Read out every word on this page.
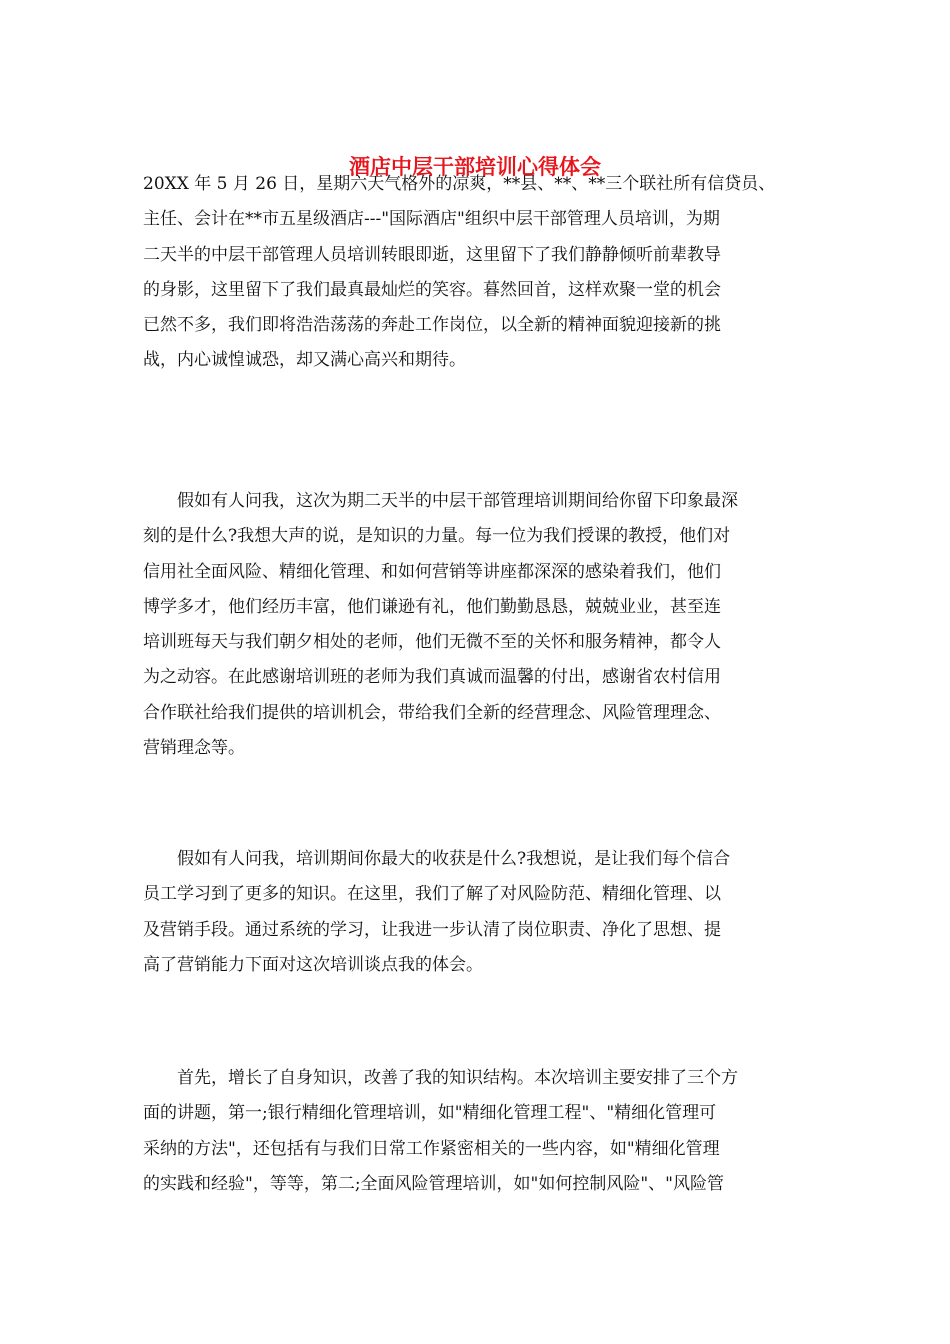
酒店中层干部培训心得体会
20XX 年 5 月 26 日，星期六天气格外的凉爽，**县、**、**三个联社所有信贷员、
主任、会计在**市五星级酒店---"国际酒店"组织中层干部管理人员培训，为期
二天半的中层干部管理人员培训转眼即逝，这里留下了我们静静倾听前辈教导
的身影，这里留下了我们最真最灿烂的笑容。暮然回首，这样欢聚一堂的机会
已然不多，我们即将浩浩荡荡的奔赴工作岗位，以全新的精神面貌迎接新的挑
战，内心诚惶诚恐，却又满心高兴和期待。
假如有人问我，这次为期二天半的中层干部管理培训期间给你留下印象最深
刻的是什么?我想大声的说，是知识的力量。每一位为我们授课的教授，他们对
信用社全面风险、精细化管理、和如何营销等讲座都深深的感染着我们，他们
博学多才，他们经历丰富，他们谦逊有礼，他们勤勤恳恳，兢兢业业，甚至连
培训班每天与我们朝夕相处的老师，他们无微不至的关怀和服务精神，都令人
为之动容。在此感谢培训班的老师为我们真诚而温馨的付出，感谢省农村信用
合作联社给我们提供的培训机会，带给我们全新的经营理念、风险管理理念、
营销理念等。
假如有人问我，培训期间你最大的收获是什么?我想说，是让我们每个信合
员工学习到了更多的知识。在这里，我们了解了对风险防范、精细化管理、以
及营销手段。通过系统的学习，让我进一步认清了岗位职责、净化了思想、提
高了营销能力下面对这次培训谈点我的体会。
首先，增长了自身知识，改善了我的知识结构。本次培训主要安排了三个方
面的讲题，第一;银行精细化管理培训，如"精细化管理工程"、"精细化管理可
采纳的方法"，还包括有与我们日常工作紧密相关的一些内容，如"精细化管理
的实践和经验"，等等，第二;全面风险管理培训，如"如何控制风险"、"风险管
